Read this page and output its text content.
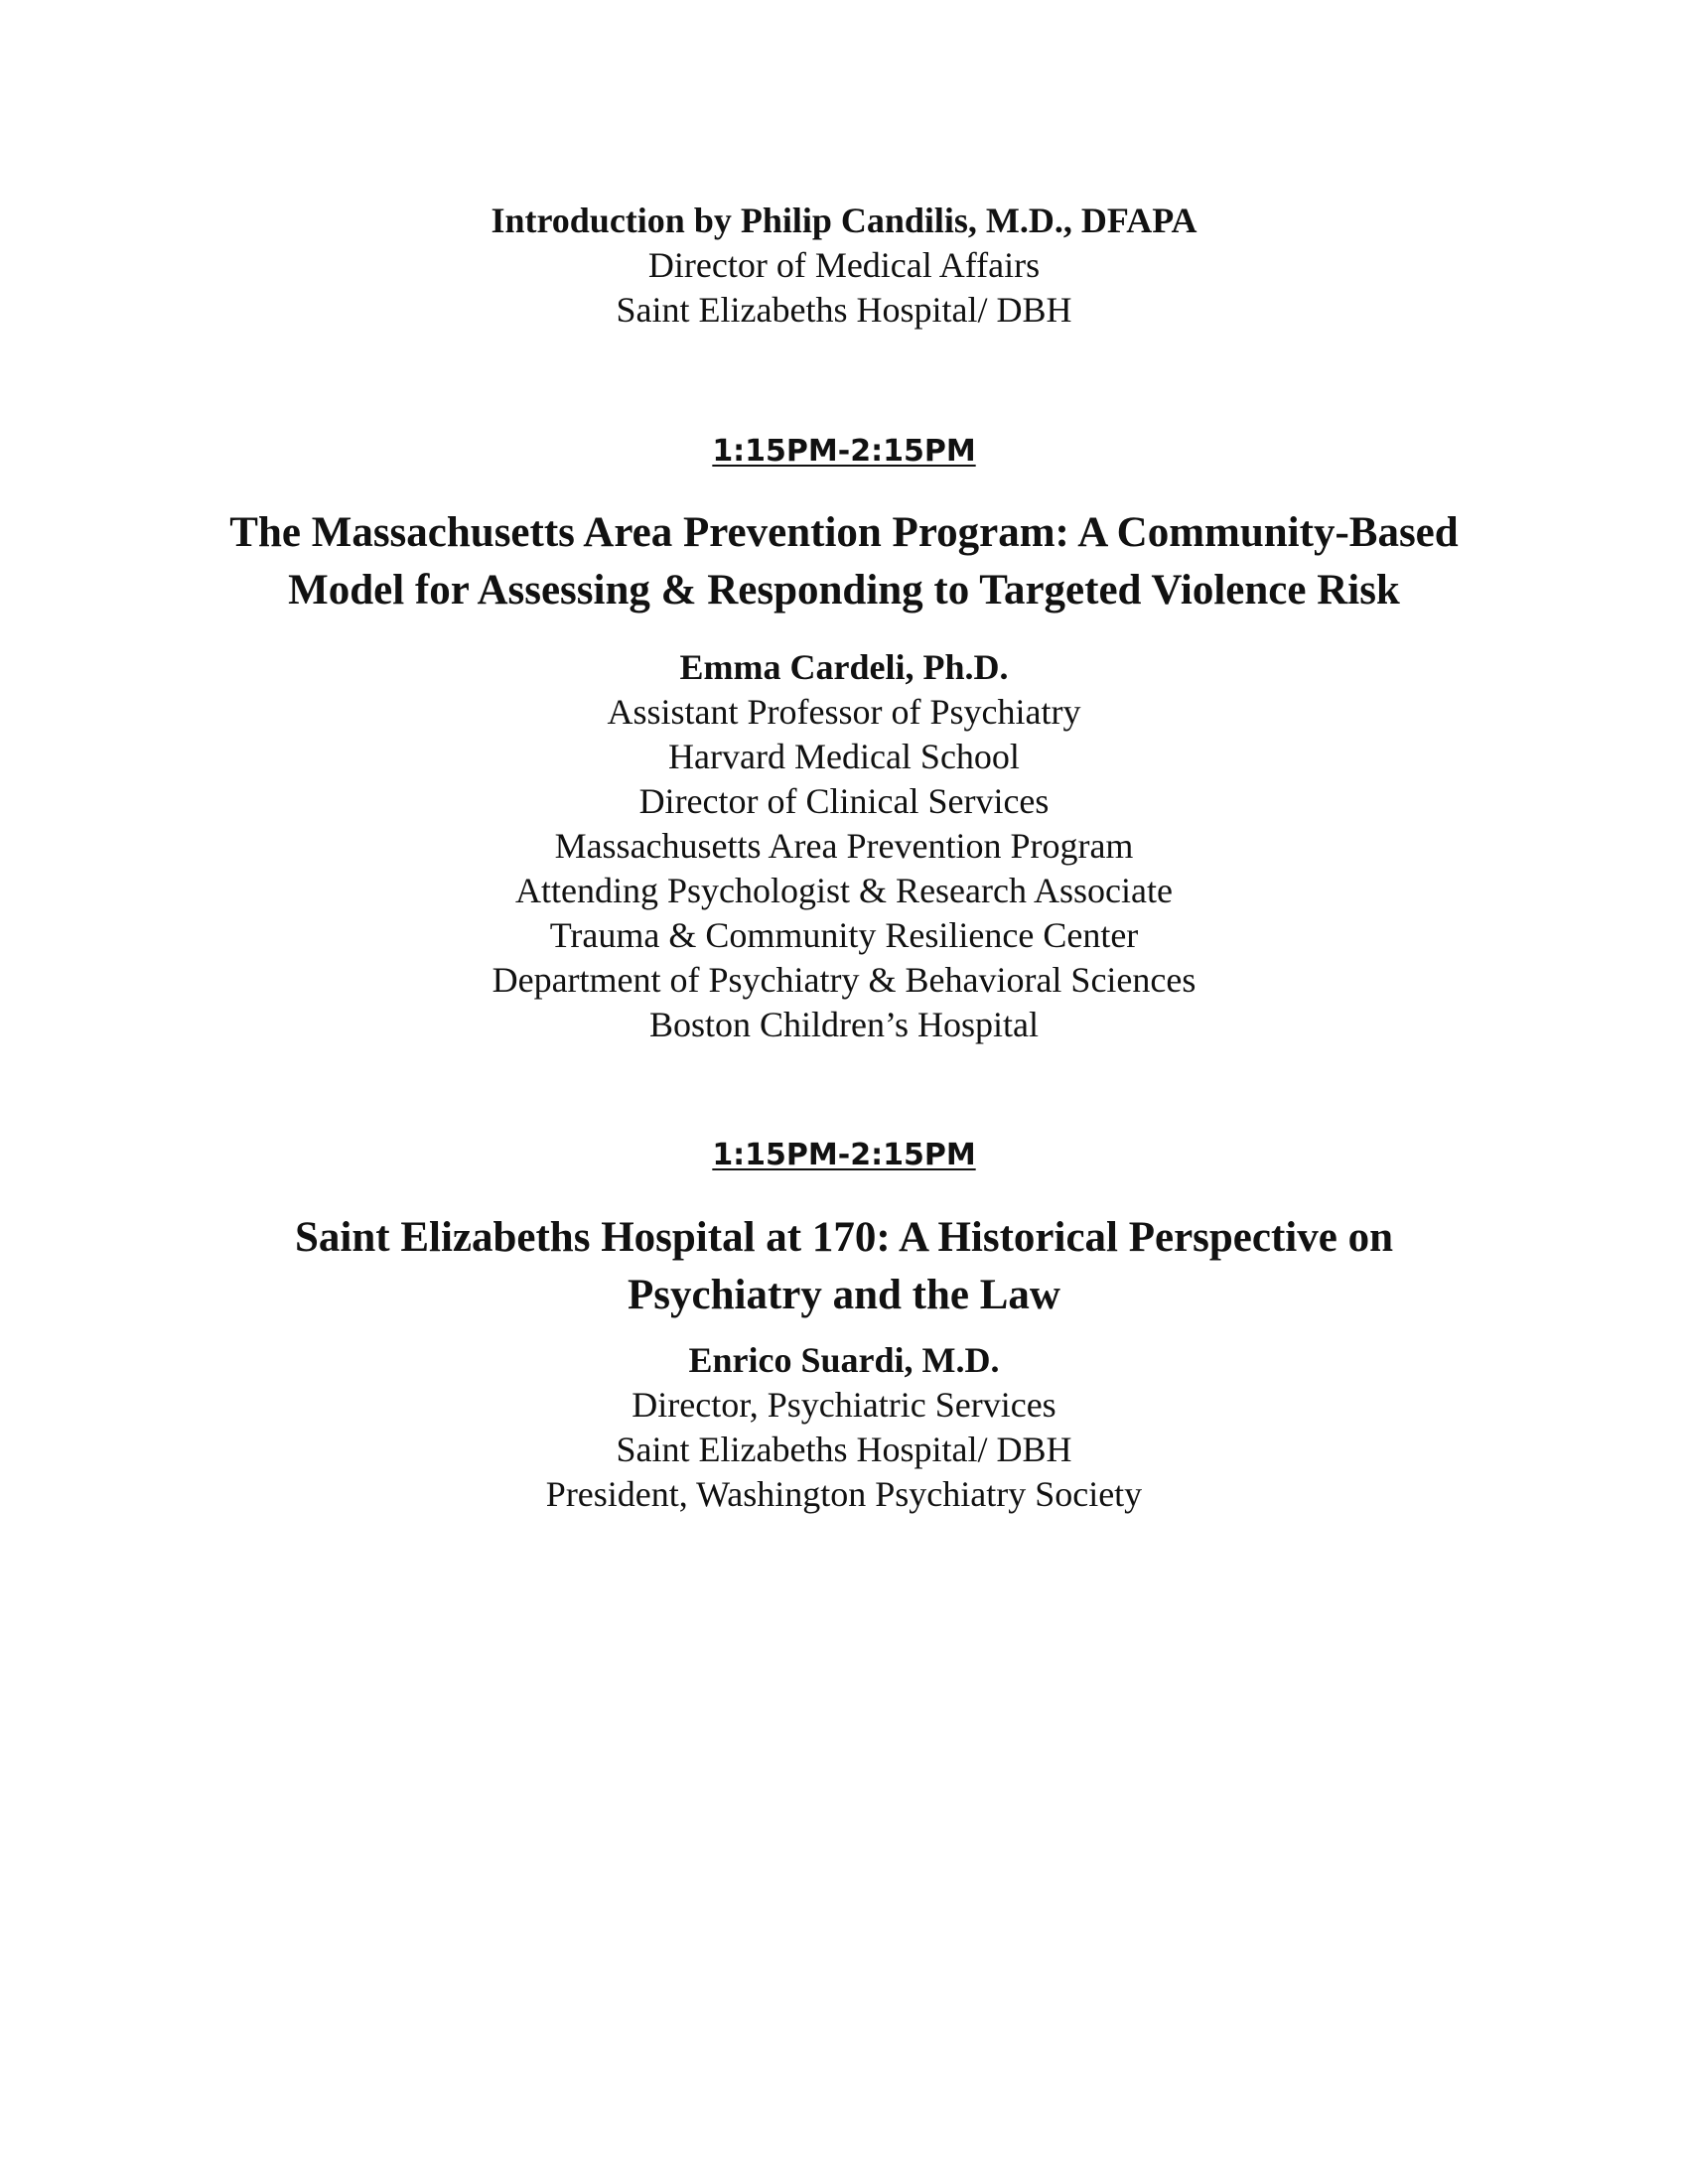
Introduction by Philip Candilis, M.D., DFAPA
Director of Medical Affairs
Saint Elizabeths Hospital/ DBH
1:15PM-2:15PM
The Massachusetts Area Prevention Program: A Community-Based
Model for Assessing & Responding to Targeted Violence Risk
Emma Cardeli, Ph.D.
Assistant Professor of Psychiatry
Harvard Medical School
Director of Clinical Services
Massachusetts Area Prevention Program
Attending Psychologist & Research Associate
Trauma & Community Resilience Center
Department of Psychiatry & Behavioral Sciences
Boston Children’s Hospital
1:15PM-2:15PM
Saint Elizabeths Hospital at 170: A Historical Perspective on
Psychiatry and the Law
Enrico Suardi, M.D.
Director, Psychiatric Services
Saint Elizabeths Hospital/ DBH
President, Washington Psychiatry Society
